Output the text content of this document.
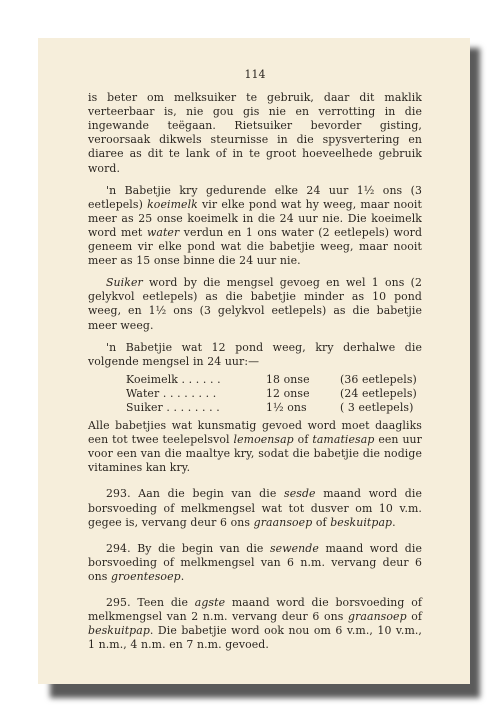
114

is beter om melksuiker te gebruik, daar dit maklik verteerbaar is, nie gou gis nie en verrotting in die ingewande teëgaan. Rietsuiker bevorder gisting, veroorsaak dikwels steurnisse in die spysvertering en diaree as dit te lank of in te groot hoeveelhede gebruik word.

'n Babetjie kry gedurende elke 24 uur 1½ ons (3 eetlepels) koeimelk vir elke pond wat hy weeg, maar nooit meer as 25 onse koeimelk in die 24 uur nie. Die koeimelk word met water verdun en 1 ons water (2 eetlepels) word geneem vir elke pond wat die babetjie weeg, maar nooit meer as 15 onse binne die 24 uur nie.

Suiker word by die mengsel gevoeg en wel 1 ons (2 gelykvol eetlepels) as die babetjie minder as 10 pond weeg, en 1½ ons (3 gelykvol eetlepels) as die babetjie meer weeg.

'n Babetjie wat 12 pond weeg, kry derhalwe die volgende mengsel in 24 uur:—

Koeimelk . . . . . .	18 onse	(36 eetlepels)
Water . . . . . . . .	12 onse	(24 eetlepels)
Suiker . . . . . . . .	1½ ons	( 3 eetlepels)

Alle babetjies wat kunsmatig gevoed word moet daagliks een tot twee teelepelsvol lemoensap of tamatiesap een uur voor een van die maaltye kry, sodat die babetjie die nodige vitamines kan kry.

293. Aan die begin van die sesde maand word die borsvoeding of melkmengsel wat tot dusver om 10 v.m. gegee is, vervang deur 6 ons graansoep of beskuitpap.

294. By die begin van die sewende maand word die borsvoeding of melkmengsel van 6 n.m. vervang deur 6 ons groentesoep.

295. Teen die agste maand word die borsvoeding of melkmengsel van 2 n.m. vervang deur 6 ons graansoep of beskuitpap. Die babetjie word ook nou om 6 v.m., 10 v.m., 1 n.m., 4 n.m. en 7 n.m. gevoed.
